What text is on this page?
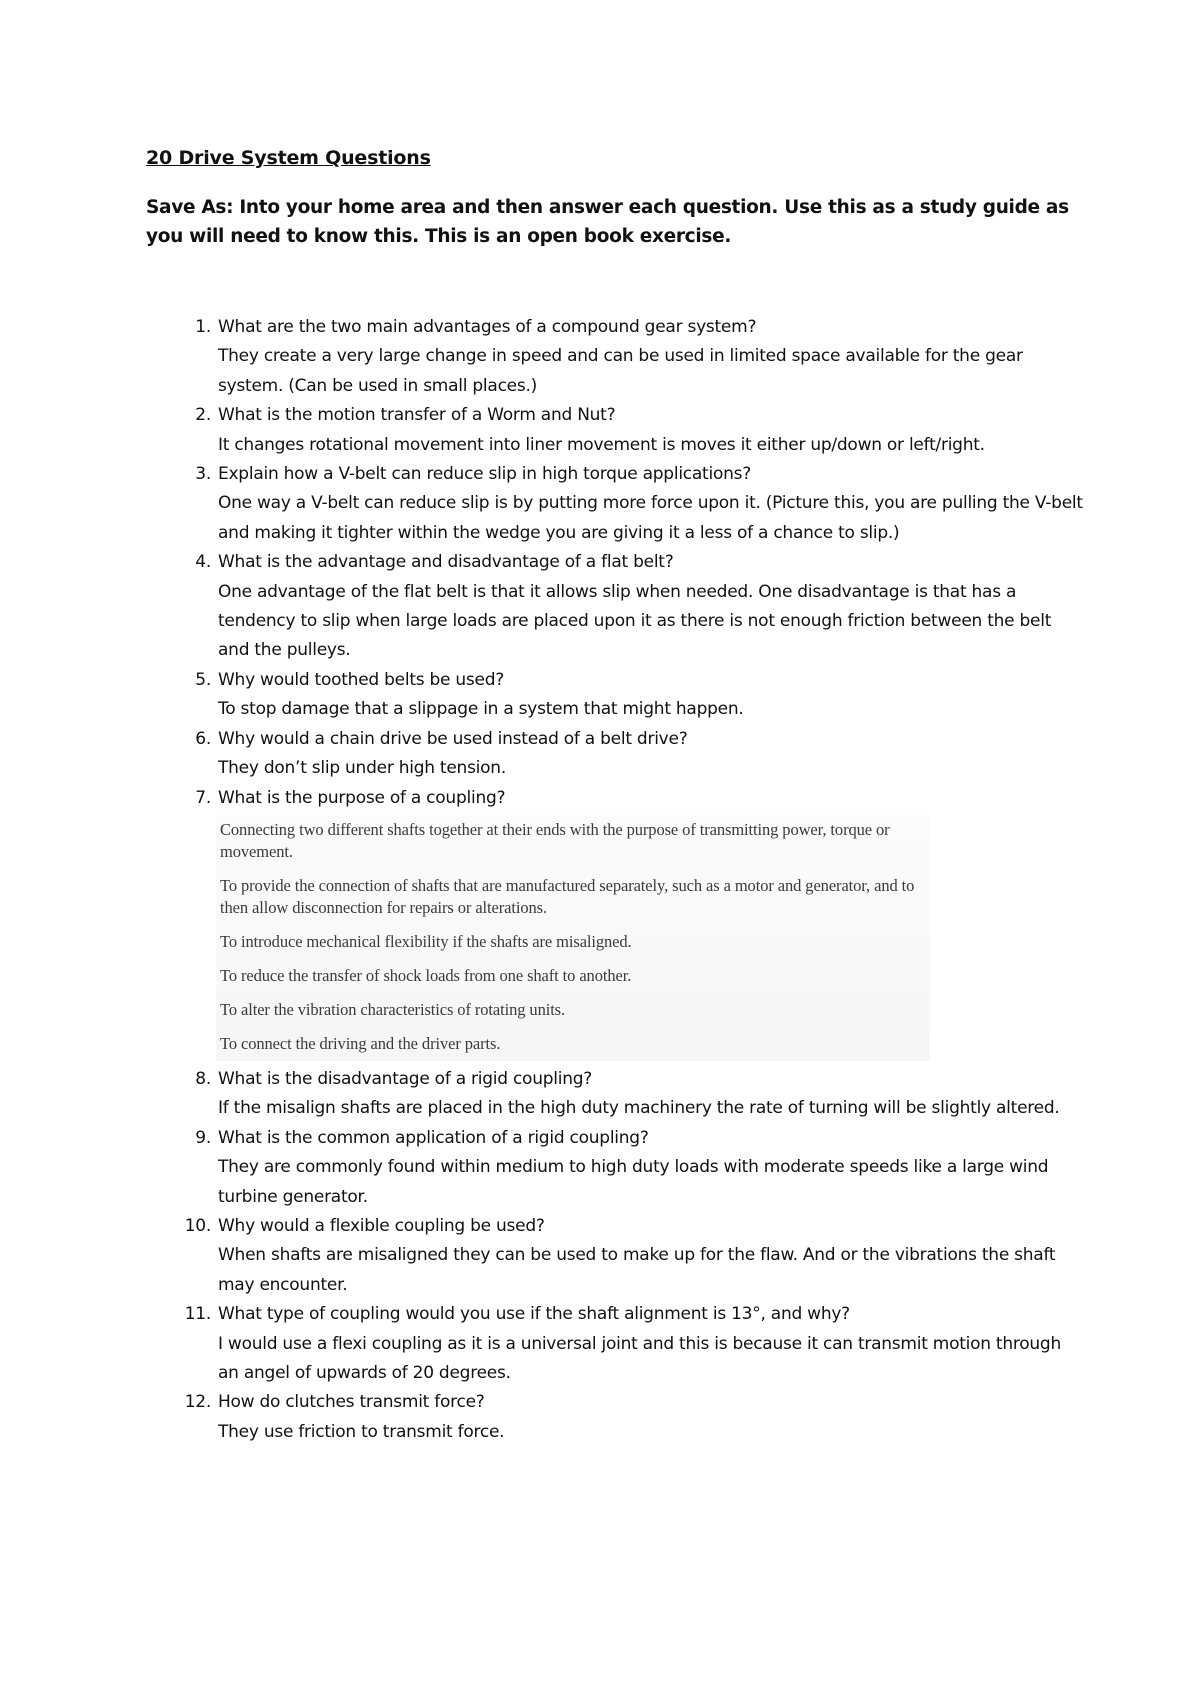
20 Drive System Questions
Save As: Into your home area and then answer each question. Use this as a study guide as you will need to know this. This is an open book exercise.
1. What are the two main advantages of a compound gear system?
They create a very large change in speed and can be used in limited space available for the gear system. (Can be used in small places.)
2. What is the motion transfer of a Worm and Nut?
It changes rotational movement into liner movement is moves it either up/down or left/right.
3. Explain how a V-belt can reduce slip in high torque applications?
One way a V-belt can reduce slip is by putting more force upon it. (Picture this, you are pulling the V-belt and making it tighter within the wedge you are giving it a less of a chance to slip.)
4. What is the advantage and disadvantage of a flat belt?
One advantage of the flat belt is that it allows slip when needed. One disadvantage is that has a tendency to slip when large loads are placed upon it as there is not enough friction between the belt and the pulleys.
5. Why would toothed belts be used?
To stop damage that a slippage in a system that might happen.
6. Why would a chain drive be used instead of a belt drive?
They don’t slip under high tension.
7. What is the purpose of a coupling?

Connecting two different shafts together at their ends with the purpose of transmitting power, torque or movement.

To provide the connection of shafts that are manufactured separately, such as a motor and generator, and to then allow disconnection for repairs or alterations.

To introduce mechanical flexibility if the shafts are misaligned.

To reduce the transfer of shock loads from one shaft to another.

To alter the vibration characteristics of rotating units.

To connect the driving and the driver parts.

8. What is the disadvantage of a rigid coupling?
If the misalign shafts are placed in the high duty machinery the rate of turning will be slightly altered.
9. What is the common application of a rigid coupling?
They are commonly found within medium to high duty loads with moderate speeds like a large wind turbine generator.
10. Why would a flexible coupling be used?
When shafts are misaligned they can be used to make up for the flaw. And or the vibrations the shaft may encounter.
11. What type of coupling would you use if the shaft alignment is 13°, and why?
I would use a flexi coupling as it is a universal joint and this is because it can transmit motion through an angel of upwards of 20 degrees.
12. How do clutches transmit force?
They use friction to transmit force.
